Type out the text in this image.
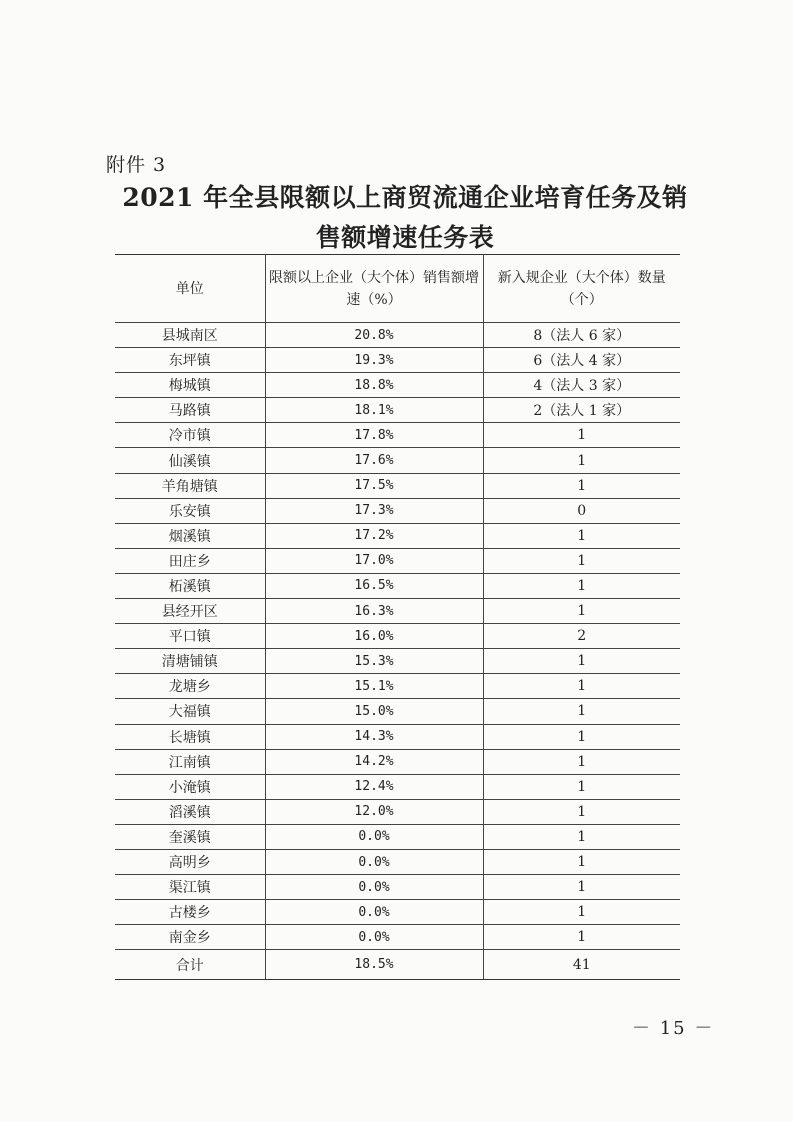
附件 3
2021 年全县限额以上商贸流通企业培育任务及销
售额增速任务表
单位	限额以上企业（大个体）销售额增速（%）	新入规企业（大个体）数量（个）
县城南区	20.8%	8（法人 6 家）
东坪镇	19.3%	6（法人 4 家）
梅城镇	18.8%	4（法人 3 家）
马路镇	18.1%	2（法人 1 家）
冷市镇	17.8%	1
仙溪镇	17.6%	1
羊角塘镇	17.5%	1
乐安镇	17.3%	0
烟溪镇	17.2%	1
田庄乡	17.0%	1
柘溪镇	16.5%	1
县经开区	16.3%	1
平口镇	16.0%	2
清塘铺镇	15.3%	1
龙塘乡	15.1%	1
大福镇	15.0%	1
长塘镇	14.3%	1
江南镇	14.2%	1
小淹镇	12.4%	1
滔溪镇	12.0%	1
奎溪镇	0.0%	1
高明乡	0.0%	1
渠江镇	0.0%	1
古楼乡	0.0%	1
南金乡	0.0%	1
合计	18.5%	41
－ 15 －
